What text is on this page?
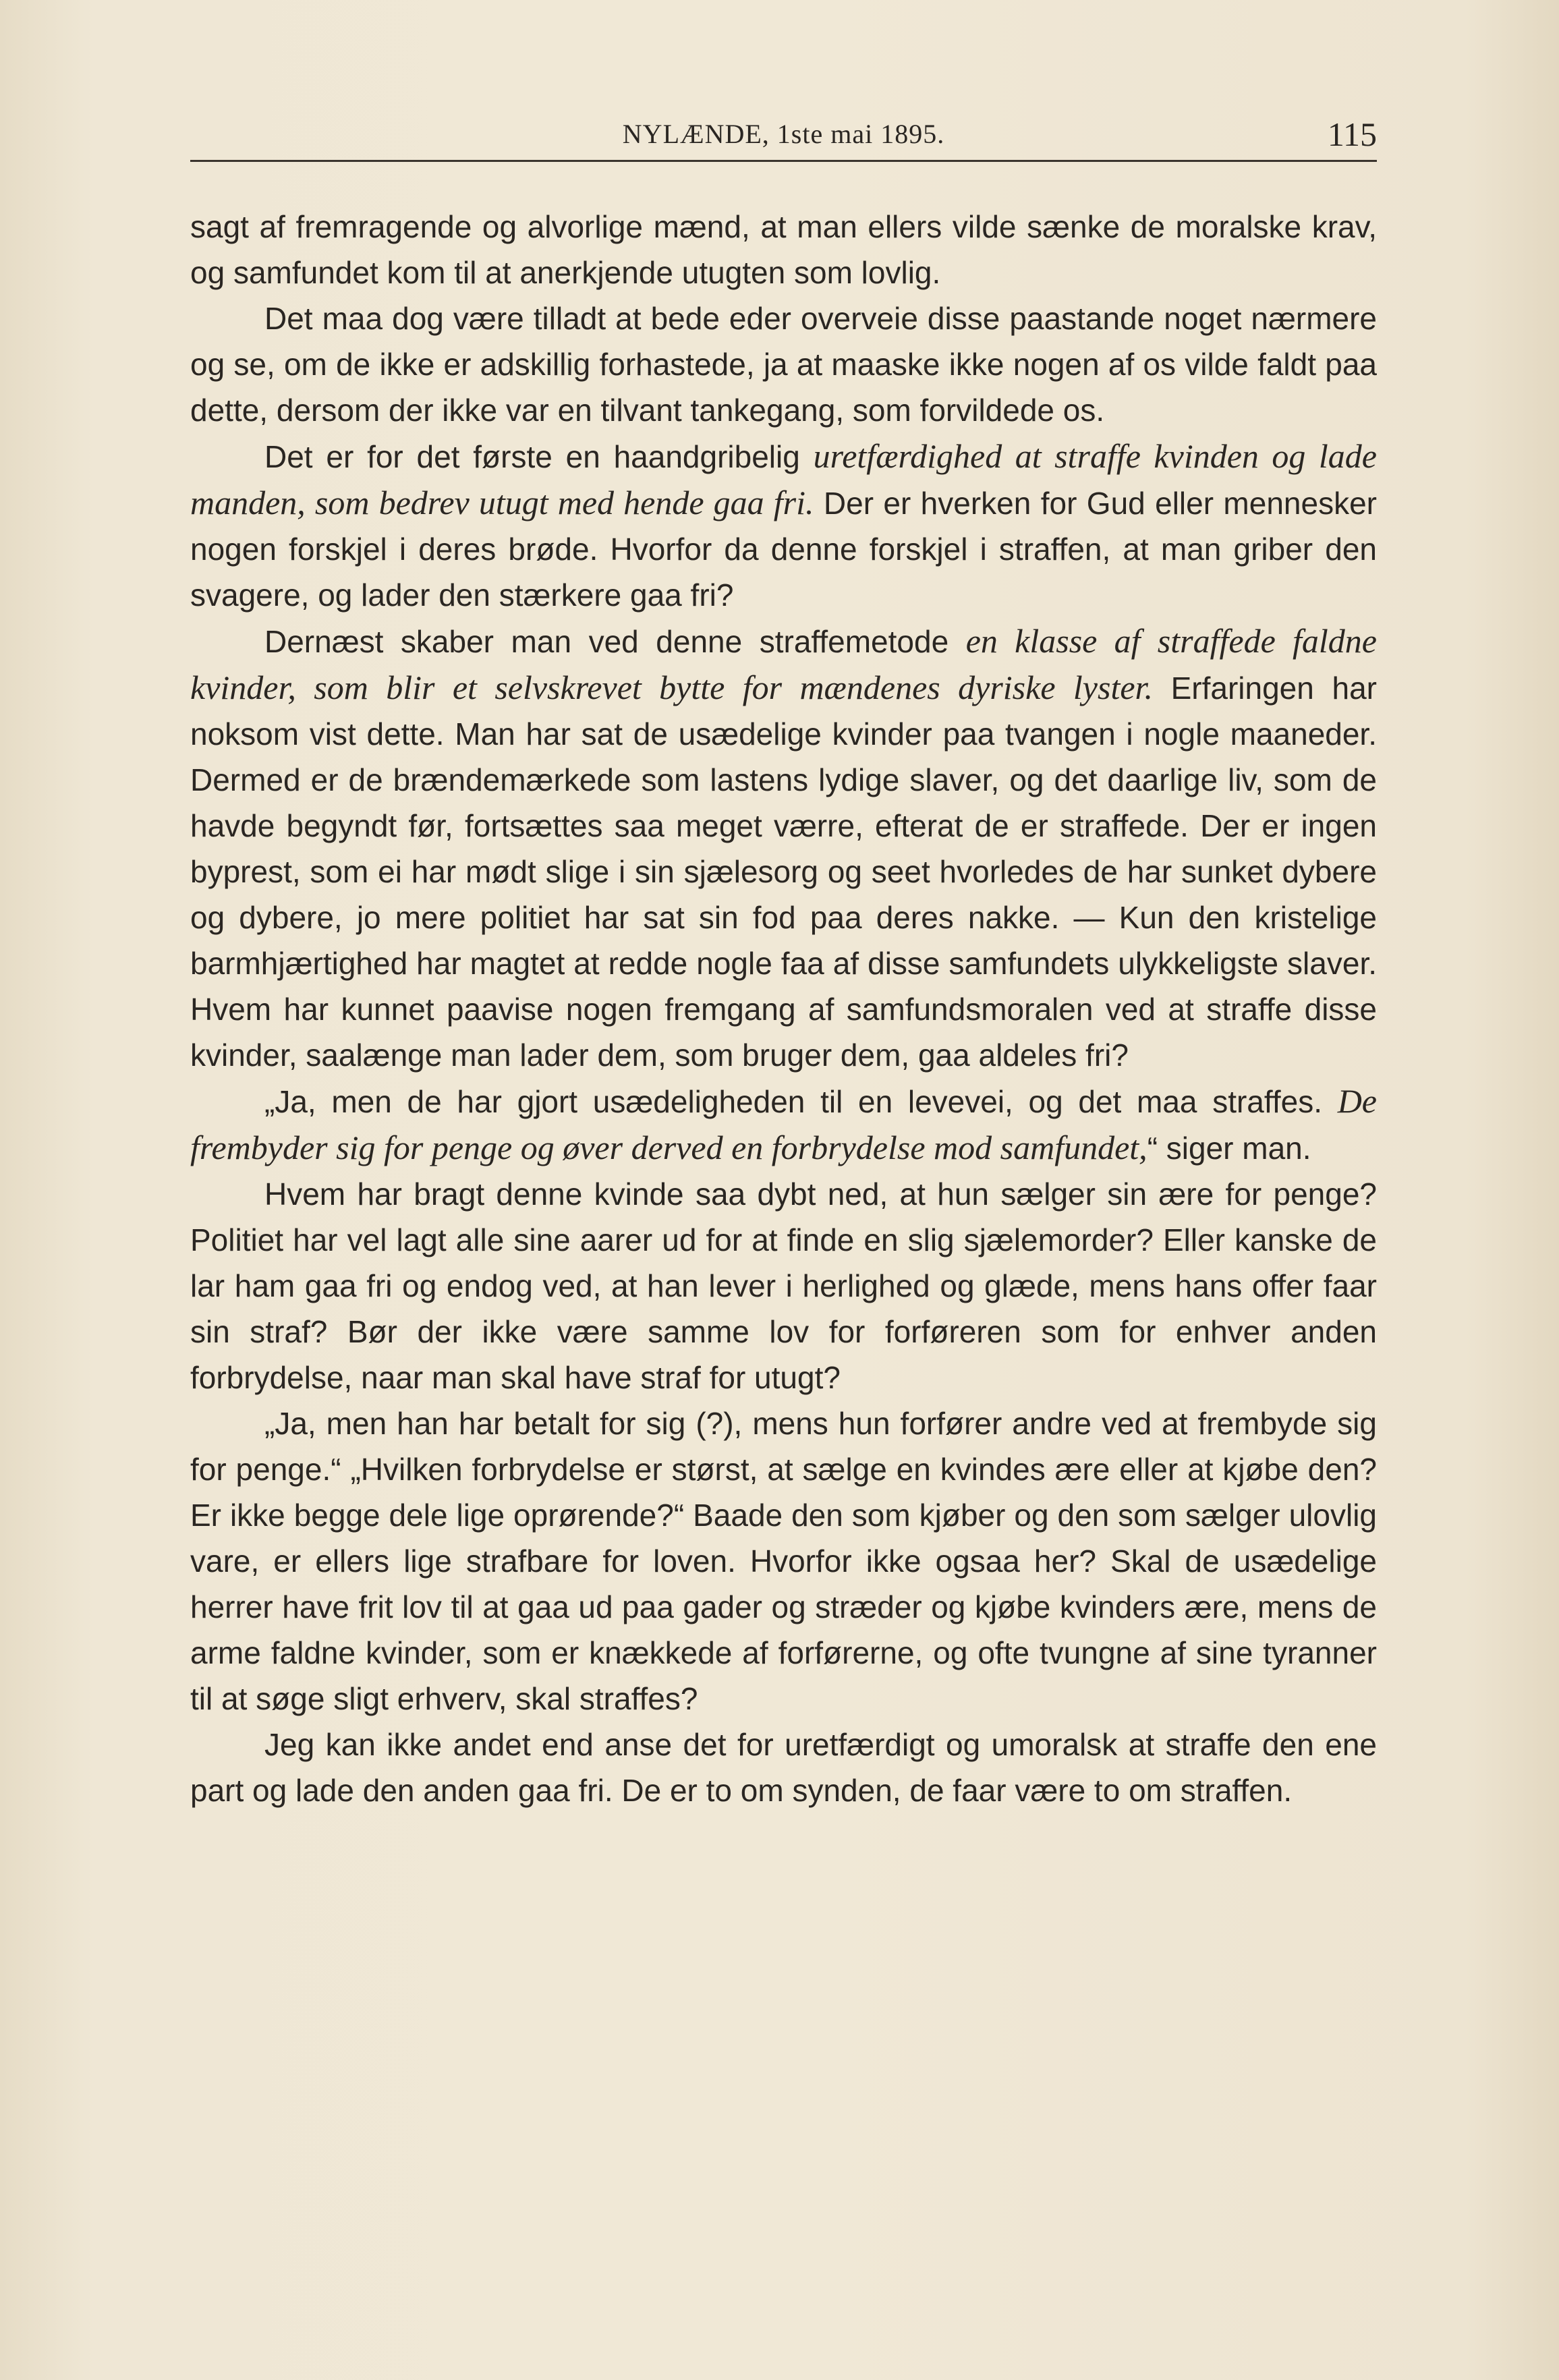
NYLÆNDE, 1ste mai 1895.	115

sagt af fremragende og alvorlige mænd, at man ellers vilde sænke de moralske krav, og samfundet kom til at anerkjende utugten som lovlig.

Det maa dog være tilladt at bede eder overveie disse paastande noget nærmere og se, om de ikke er adskillig forhastede, ja at maaske ikke nogen af os vilde faldt paa dette, dersom der ikke var en tilvant tankegang, som forvildede os.

Det er for det første en haandgribelig uretfærdighed at straffe kvinden og lade manden, som bedrev utugt med hende gaa fri. Der er hverken for Gud eller mennesker nogen forskjel i deres brøde. Hvorfor da denne forskjel i straffen, at man griber den svagere, og lader den stærkere gaa fri?

Dernæst skaber man ved denne straffemetode en klasse af straffede faldne kvinder, som blir et selvskrevet bytte for mændenes dyriske lyster. Erfaringen har noksom vist dette. Man har sat de usædelige kvinder paa tvangen i nogle maaneder. Dermed er de brændemærkede som lastens lydige slaver, og det daarlige liv, som de havde begyndt før, fortsættes saa meget værre, efterat de er straffede. Der er ingen byprest, som ei har mødt slige i sin sjælesorg og seet hvorledes de har sunket dybere og dybere, jo mere politiet har sat sin fod paa deres nakke. — Kun den kristelige barmhjærtighed har magtet at redde nogle faa af disse samfundets ulykkeligste slaver. Hvem har kunnet paavise nogen fremgang af samfundsmoralen ved at straffe disse kvinder, saalænge man lader dem, som bruger dem, gaa aldeles fri?

„Ja, men de har gjort usædeligheden til en levevei, og det maa straffes. De frembyder sig for penge og øver derved en forbrydelse mod samfundet,“ siger man.

Hvem har bragt denne kvinde saa dybt ned, at hun sælger sin ære for penge? Politiet har vel lagt alle sine aarer ud for at finde en slig sjælemorder? Eller kanske de lar ham gaa fri og endog ved, at han lever i herlighed og glæde, mens hans offer faar sin straf? Bør der ikke være samme lov for forføreren som for enhver anden forbrydelse, naar man skal have straf for utugt?

„Ja, men han har betalt for sig (?), mens hun forfører andre ved at frembyde sig for penge.“ „Hvilken forbrydelse er størst, at sælge en kvindes ære eller at kjøbe den? Er ikke begge dele lige oprørende?“ Baade den som kjøber og den som sælger ulovlig vare, er ellers lige strafbare for loven. Hvorfor ikke ogsaa her? Skal de usædelige herrer have frit lov til at gaa ud paa gader og stræder og kjøbe kvinders ære, mens de arme faldne kvinder, som er knækkede af forførerne, og ofte tvungne af sine tyranner til at søge sligt erhverv, skal straffes?

Jeg kan ikke andet end anse det for uretfærdigt og umoralsk at straffe den ene part og lade den anden gaa fri. De er to om synden, de faar være to om straffen.
